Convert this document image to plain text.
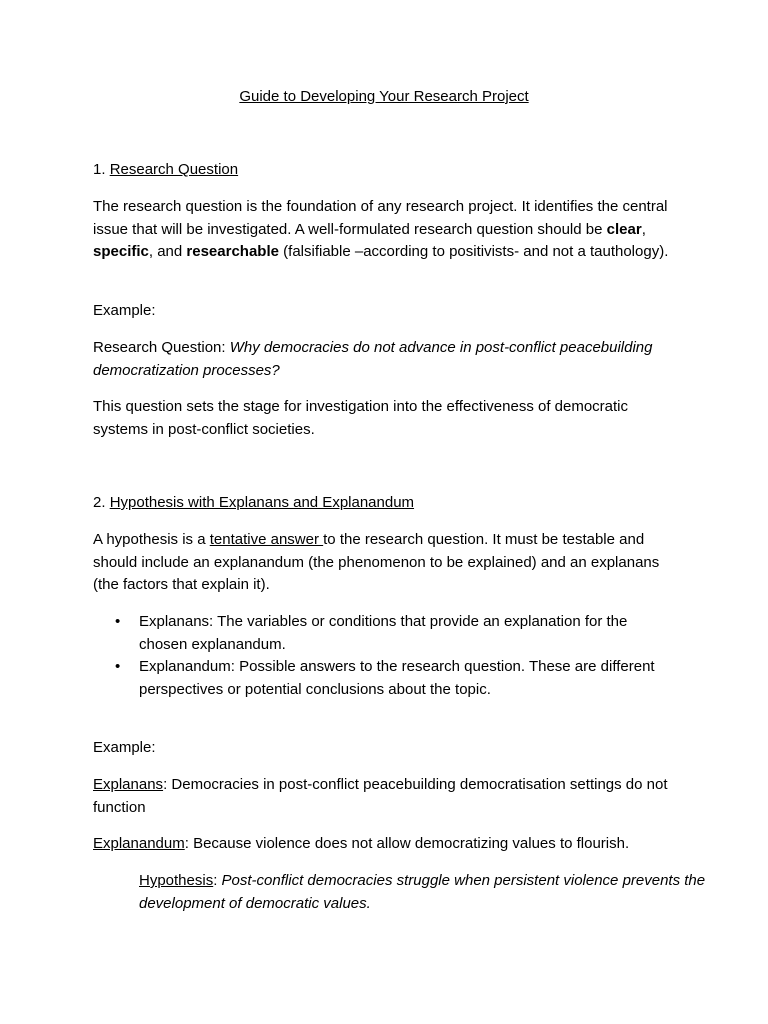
Guide to Developing Your Research Project
1. Research Question

The research question is the foundation of any research project. It identifies the central issue that will be investigated. A well-formulated research question should be clear, specific, and researchable (falsifiable –according to positivists- and not a tauthology).

Example:

Research Question: Why democracies do not advance in post-conflict peacebuilding democratization processes?

This question sets the stage for investigation into the effectiveness of democratic systems in post-conflict societies.

2. Hypothesis with Explanans and Explanandum

A hypothesis is a tentative answer to the research question. It must be testable and should include an explanandum (the phenomenon to be explained) and an explanans (the factors that explain it).

• Explanans: The variables or conditions that provide an explanation for the chosen explanandum.
• Explanandum: Possible answers to the research question. These are different perspectives or potential conclusions about the topic.

Example:

Explanans: Democracies in post-conflict peacebuilding democratisation settings do not function

Explanandum: Because violence does not allow democratizing values to flourish.

Hypothesis: Post-conflict democracies struggle when persistent violence prevents the development of democratic values.
